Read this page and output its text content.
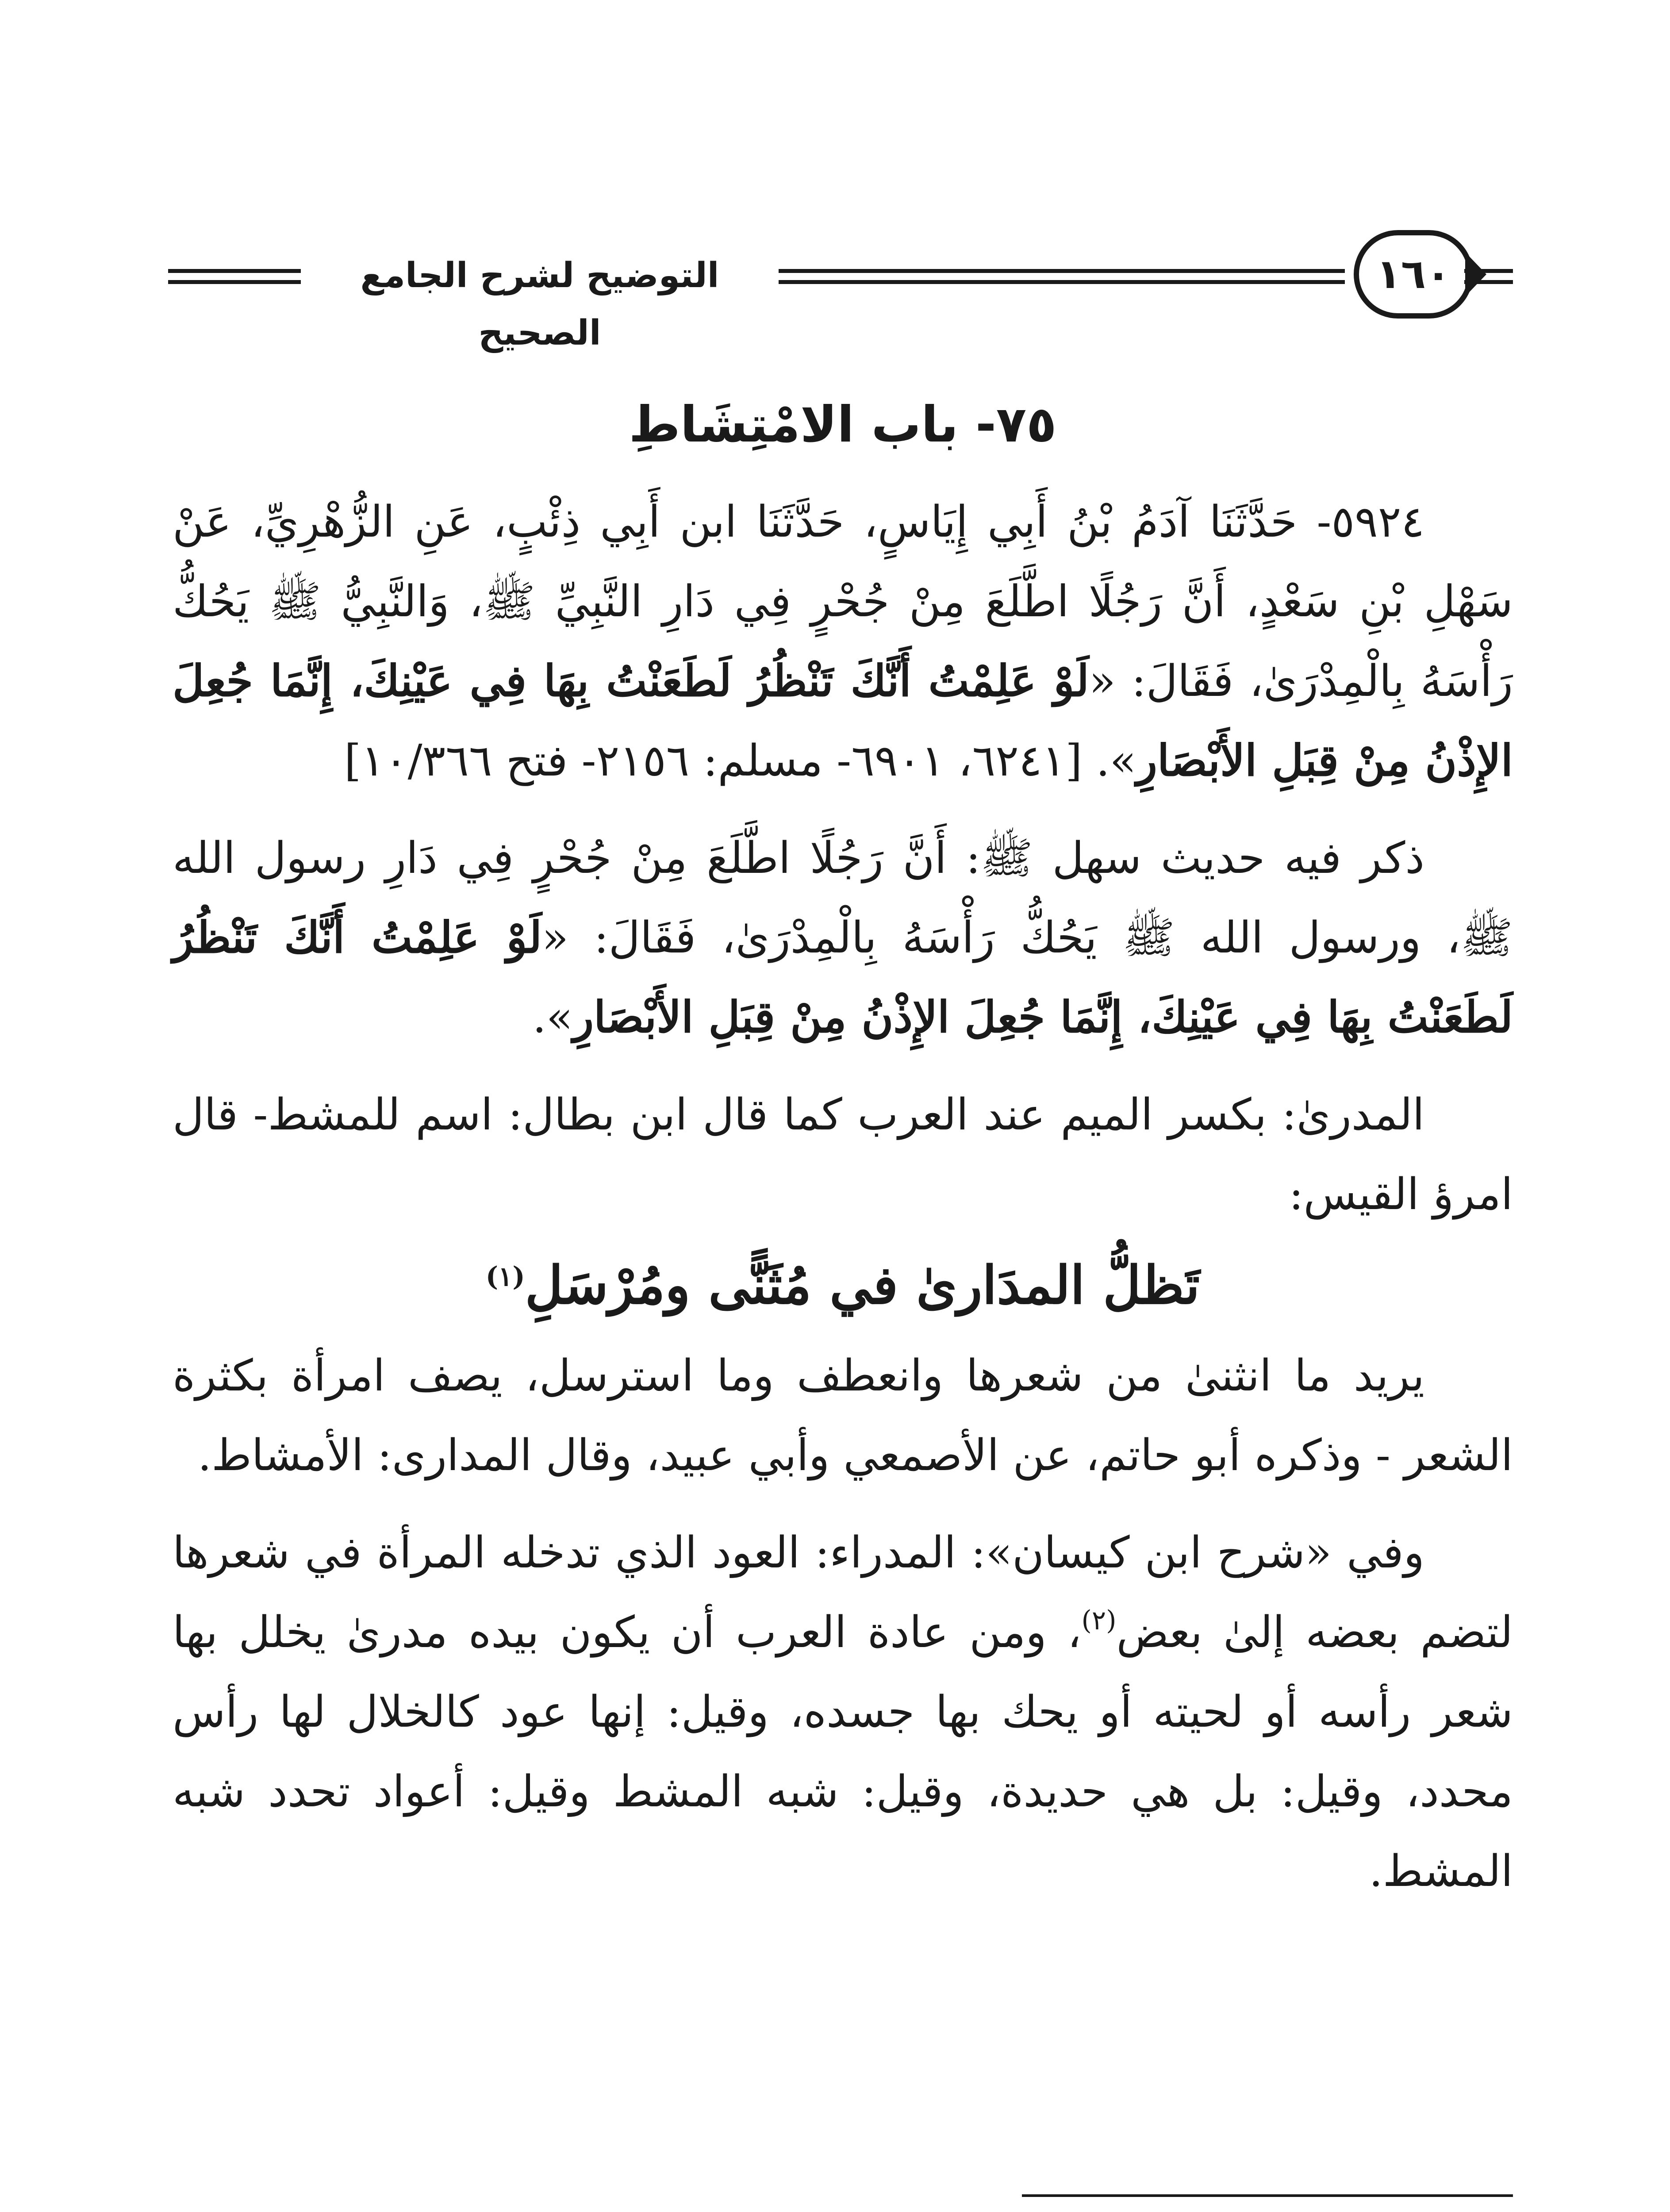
التوضيح لشرح الجامع الصحيح
١٦٠
٧٥- باب الامْتِشَاطِ

٥٩٢٤- حَدَّثَنَا آدَمُ بْنُ أَبِي إِيَاسٍ، حَدَّثَنَا ابن أَبِي ذِئْبٍ، عَنِ الزُّهْرِيِّ، عَنْ سَهْلِ بْنِ سَعْدٍ، أَنَّ رَجُلًا اطَّلَعَ مِنْ جُحْرٍ فِي دَارِ النَّبِيِّ ﷺ، وَالنَّبِيُّ ﷺ يَحُكُّ رَأْسَهُ بِالْمِدْرَىٰ، فَقَالَ: «لَوْ عَلِمْتُ أَنَّكَ تَنْظُرُ لَطَعَنْتُ بِهَا فِي عَيْنِكَ، إِنَّمَا جُعِلَ الإِذْنُ مِنْ قِبَلِ الأَبْصَارِ». [٦٢٤١، ٦٩٠١- مسلم: ٢١٥٦- فتح ١٠/٣٦٦]

ذكر فيه حديث سهل ﷺ: أَنَّ رَجُلًا اطَّلَعَ مِنْ جُحْرٍ فِي دَارِ رسول الله ﷺ، ورسول الله ﷺ يَحُكُّ رَأْسَهُ بِالْمِدْرَىٰ، فَقَالَ: «لَوْ عَلِمْتُ أَنَّكَ تَنْظُرُ لَطَعَنْتُ بِهَا فِي عَيْنِكَ، إِنَّمَا جُعِلَ الإِذْنُ مِنْ قِبَلِ الأَبْصَارِ».

المدرىٰ: بكسر الميم عند العرب كما قال ابن بطال: اسم للمشط- قال امرؤ القيس:

تَظلُّ المدَارىٰ في مُثَنًّى ومُرْسَلِ$^{(١)}$

يريد ما انثنىٰ من شعرها وانعطف وما استرسل، يصف امرأة بكثرة الشعر - وذكره أبو حاتم، عن الأصمعي وأبي عبيد، وقال المدارى: الأمشاط.

وفي «شرح ابن كيسان»: المدراء: العود الذي تدخله المرأة في شعرها لتضم بعضه إلىٰ بعض$^{(٢)}$، ومن عادة العرب أن يكون بيده مدرىٰ يخلل بها شعر رأسه أو لحيته أو يحك بها جسده، وقيل: إنها عود كالخلال لها رأس محدد، وقيل: بل هي حديدة، وقيل: شبه المشط وقيل: أعواد تحدد شبه المشط.
